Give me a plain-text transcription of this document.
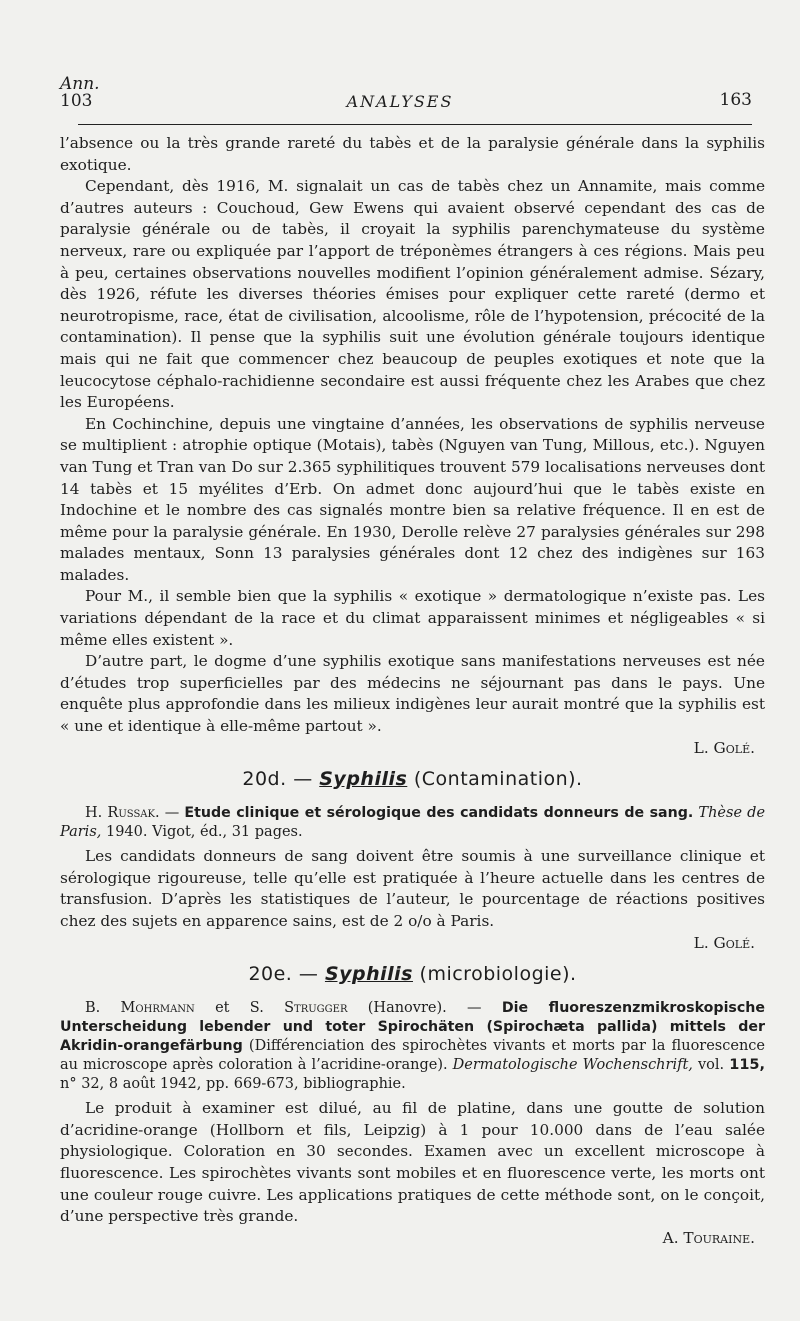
Ann.
103	ANALYSES	163

l’absence ou la très grande rareté du tabès et de la paralysie générale dans la syphilis exotique.

Cependant, dès 1916, M. signalait un cas de tabès chez un Annamite, mais comme d’autres auteurs : Couchoud, Gew Ewens qui avaient observé cependant des cas de paralysie générale ou de tabès, il croyait la syphilis parenchymateuse du système nerveux, rare ou expliquée par l’apport de tréponèmes étrangers à ces régions. Mais peu à peu, certaines observations nouvelles modifient l’opinion généralement admise. Sézary, dès 1926, réfute les diverses théories émises pour expliquer cette rareté (dermo et neurotropisme, race, état de civilisation, alcoolisme, rôle de l’hypotension, précocité de la contamination). Il pense que la syphilis suit une évolution générale toujours identique mais qui ne fait que commencer chez beaucoup de peuples exotiques et note que la leucocytose céphalo-rachidienne secondaire est aussi fréquente chez les Arabes que chez les Européens.

En Cochinchine, depuis une vingtaine d’années, les observations de syphilis nerveuse se multiplient : atrophie optique (Motais), tabès (Nguyen van Tung, Millous, etc.). Nguyen van Tung et Tran van Do sur 2.365 syphilitiques trouvent 579 localisations nerveuses dont 14 tabès et 15 myélites d’Erb. On admet donc aujourd’hui que le tabès existe en Indochine et le nombre des cas signalés montre bien sa relative fréquence. Il en est de même pour la paralysie générale. En 1930, Derolle relève 27 paralysies générales sur 298 malades mentaux, Sonn 13 paralysies générales dont 12 chez des indigènes sur 163 malades.

Pour M., il semble bien que la syphilis « exotique » dermatologique n’existe pas. Les variations dépendant de la race et du climat apparaissent minimes et négligeables « si même elles existent ».

D’autre part, le dogme d’une syphilis exotique sans manifestations nerveuses est née d’études trop superficielles par des médecins ne séjournant pas dans le pays. Une enquête plus approfondie dans les milieux indigènes leur aurait montré que la syphilis est « une et identique à elle-même partout ».

L. Golé.
20d. — Syphilis (Contamination).

H. Russak. — Etude clinique et sérologique des candidats donneurs de sang. Thèse de Paris, 1940. Vigot, éd., 31 pages.

Les candidats donneurs de sang doivent être soumis à une surveillance clinique et sérologique rigoureuse, telle qu’elle est pratiquée à l’heure actuelle dans les centres de transfusion. D’après les statistiques de l’auteur, le pourcentage de réactions positives chez des sujets en apparence sains, est de 2 o/o à Paris.

L. Golé.
20e. — Syphilis (microbiologie).

B. Mohrmann et S. Strugger (Hanovre). — Die fluoreszenzmikroskopische Unterscheidung lebender und toter Spirochäten (Spirochæta pallida) mittels der Akridin-orangefärbung (Différenciation des spirochètes vivants et morts par la fluorescence au microscope après coloration à l’acridine-orange). Dermatologische Wochenschrift, vol. 115, n° 32, 8 août 1942, pp. 669-673, bibliographie.

Le produit à examiner est dilué, au fil de platine, dans une goutte de solution d’acridine-orange (Hollborn et fils, Leipzig) à 1 pour 10.000 dans de l’eau salée physiologique. Coloration en 30 secondes. Examen avec un excellent microscope à fluorescence. Les spirochètes vivants sont mobiles et en fluorescence verte, les morts ont une couleur rouge cuivre. Les applications pratiques de cette méthode sont, on le conçoit, d’une perspective très grande.

A. Touraine.
